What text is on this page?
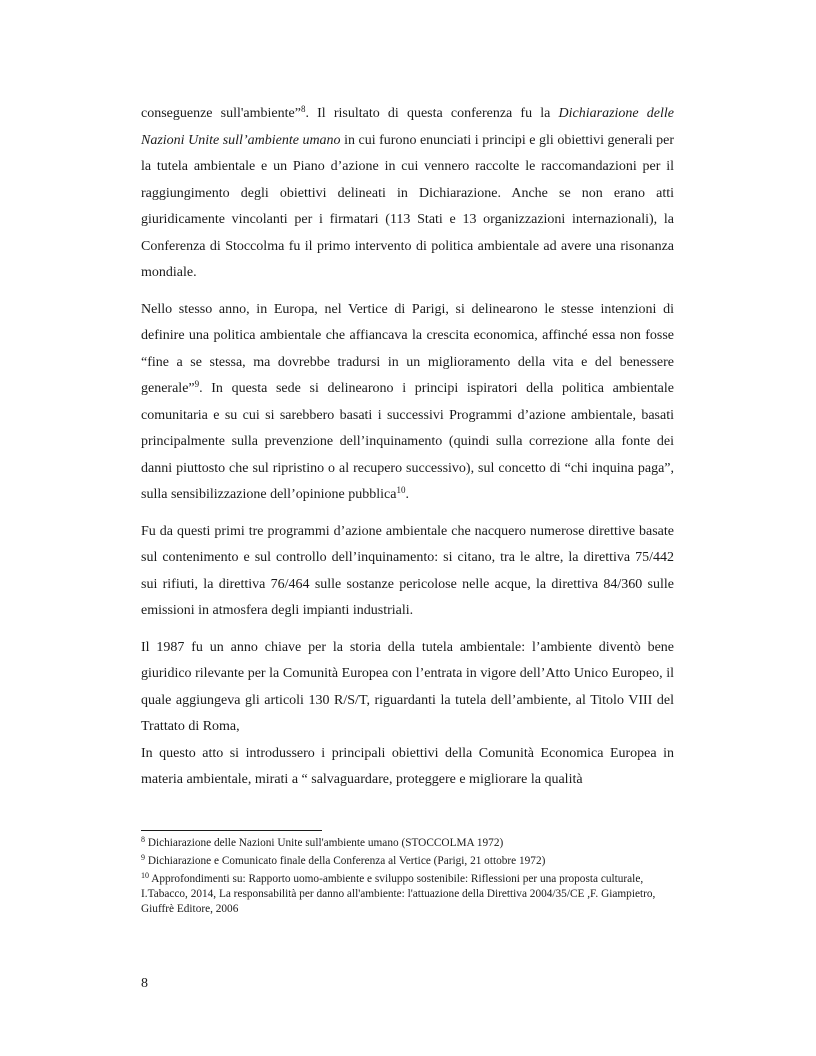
conseguenze sull'ambiente”$^8$. Il risultato di questa conferenza fu la Dichiarazione delle Nazioni Unite sull’ambiente umano in cui furono enunciati i principi e gli obiettivi generali per la tutela ambientale e un Piano d’azione in cui vennero raccolte le raccomandazioni per il raggiungimento degli obiettivi delineati in Dichiarazione. Anche se non erano atti giuridicamente vincolanti per i firmatari (113 Stati e 13 organizzazioni internazionali), la Conferenza di Stoccolma fu il primo intervento di politica ambientale ad avere una risonanza mondiale.

Nello stesso anno, in Europa, nel Vertice di Parigi, si delinearono le stesse intenzioni di definire una politica ambientale che affiancava la crescita economica, affinché essa non fosse “fine a se stessa, ma dovrebbe tradursi in un miglioramento della vita e del benessere generale”$^9$. In questa sede si delinearono i principi ispiratori della politica ambientale comunitaria e su cui si sarebbero basati i successivi Programmi d’azione ambientale, basati principalmente sulla prevenzione dell’inquinamento (quindi sulla correzione alla fonte dei danni piuttosto che sul ripristino o al recupero successivo), sul concetto di “chi inquina paga”, sulla sensibilizzazione dell’opinione pubblica$^{10}$.

Fu da questi primi tre programmi d’azione ambientale che nacquero numerose direttive basate sul contenimento e sul controllo dell’inquinamento: si citano, tra le altre, la direttiva 75/442 sui rifiuti, la direttiva 76/464 sulle sostanze pericolose nelle acque, la direttiva 84/360 sulle emissioni in atmosfera degli impianti industriali.

Il 1987 fu un anno chiave per la storia della tutela ambientale: l’ambiente diventò bene giuridico rilevante per la Comunità Europea con l’entrata in vigore dell’Atto Unico Europeo, il quale aggiungeva gli articoli 130 R/S/T, riguardanti la tutela dell’ambiente, al Titolo VIII del Trattato di Roma,

In questo atto si introdussero i principali obiettivi della Comunità Economica Europea in materia ambientale, mirati a “ salvaguardare, proteggere e migliorare la qualità

$^8$ Dichiarazione delle Nazioni Unite sull'ambiente umano (STOCCOLMA 1972)
$^9$ Dichiarazione e Comunicato finale della Conferenza al Vertice (Parigi, 21 ottobre 1972)
$^{10}$ Approfondimenti su: Rapporto uomo-ambiente e sviluppo sostenibile: Riflessioni per una proposta culturale, I.Tabacco, 2014, La responsabilità per danno all'ambiente: l'attuazione della Direttiva 2004/35/CE ,F. Giampietro, Giuffrè Editore, 2006
8
